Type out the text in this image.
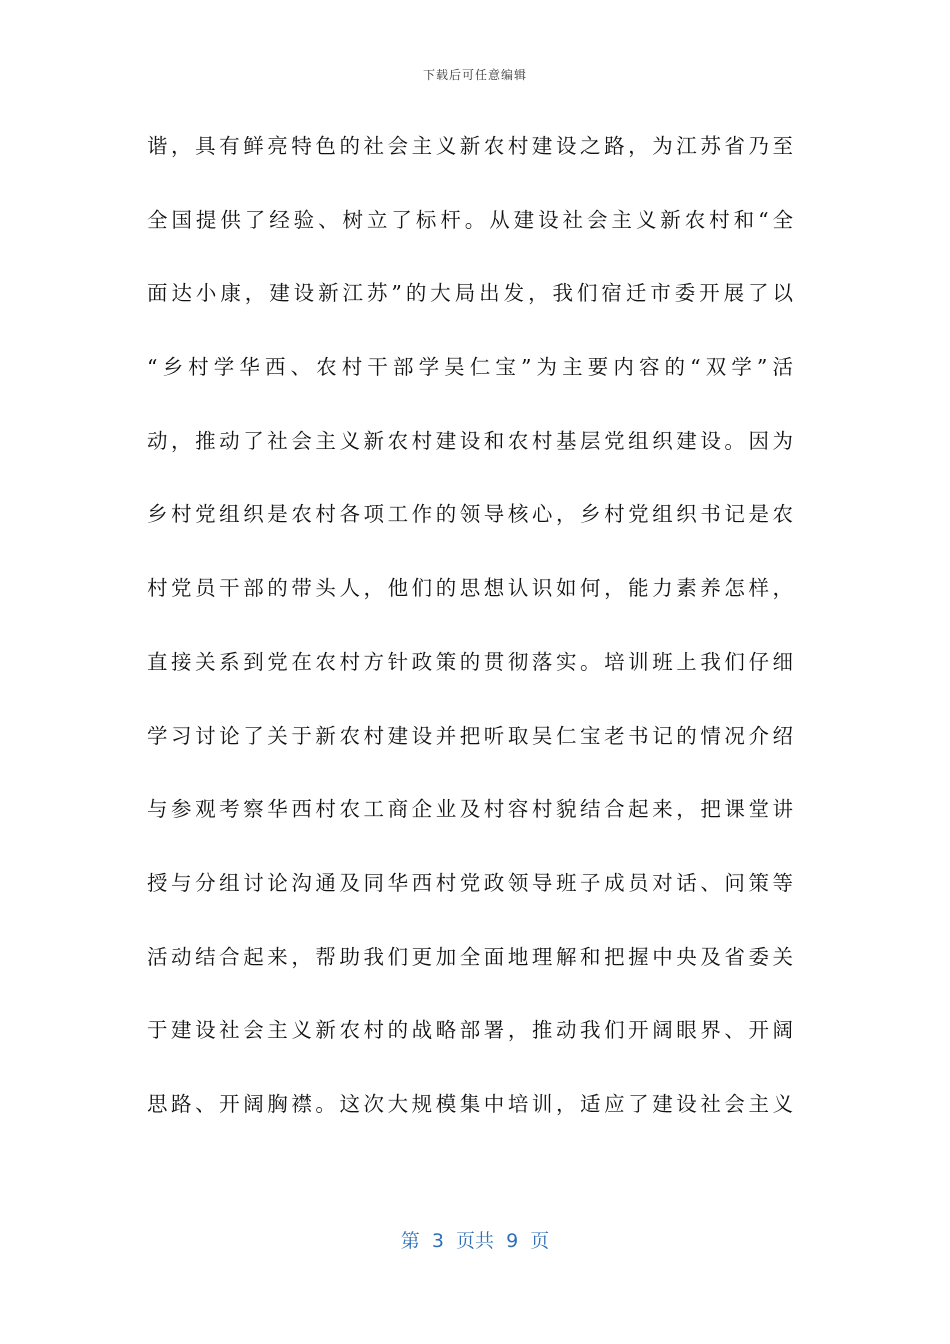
下载后可任意编辑
谐，具有鲜亮特色的社会主义新农村建设之路，为江苏省乃至
全国提供了经验、树立了标杆。从建设社会主义新农村和“全
面达小康，建设新江苏”的大局出发，我们宿迁市委开展了以
“乡村学华西、农村干部学吴仁宝”为主要内容的“双学”活
动，推动了社会主义新农村建设和农村基层党组织建设。因为
乡村党组织是农村各项工作的领导核心，乡村党组织书记是农
村党员干部的带头人，他们的思想认识如何，能力素养怎样，
直接关系到党在农村方针政策的贯彻落实。培训班上我们仔细
学习讨论了关于新农村建设并把听取吴仁宝老书记的情况介绍
与参观考察华西村农工商企业及村容村貌结合起来，把课堂讲
授与分组讨论沟通及同华西村党政领导班子成员对话、问策等
活动结合起来，帮助我们更加全面地理解和把握中央及省委关
于建设社会主义新农村的战略部署，推动我们开阔眼界、开阔
思路、开阔胸襟。这次大规模集中培训，适应了建设社会主义
第  3  页共  9  页
